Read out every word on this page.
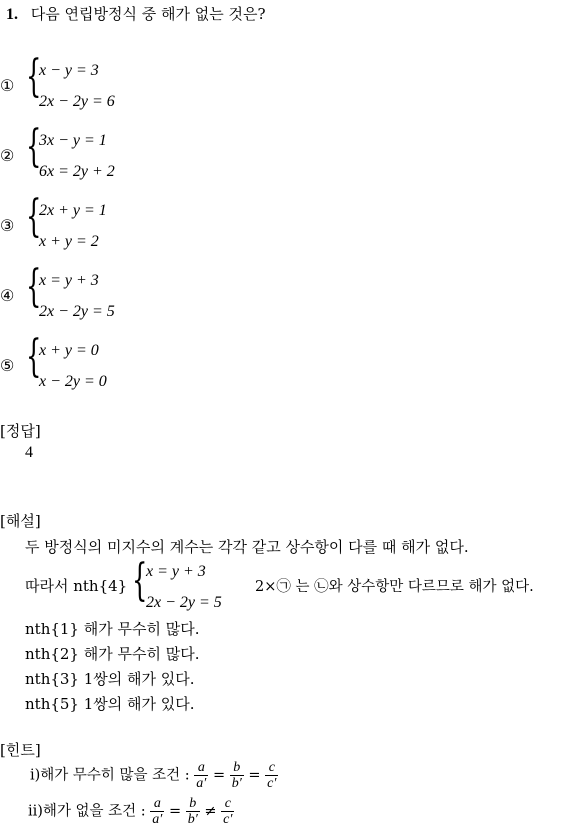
1. 다음 연립방정식 중 해가 없는 것은?
① {
x − y = 3
2x − 2y = 6
② {
3x − y = 1
6x = 2y + 2
③ {
2x + y = 1
x + y = 2
④ {
x = y + 3
2x − 2y = 5
⑤ {
x + y = 0
x − 2y = 0
[정답]
4
[해설]
두 방정식의 미지수의 계수는 각각 같고 상수항이 다를 때 해가 없다.
따라서 nth{4} {
x = y + 3
2x − 2y = 5
2×㉠ 는 ㉡와 상수항만 다르므로 해가 없다.
nth{1} 해가 무수히 많다.
nth{2} 해가 무수히 많다.
nth{3} 1쌍의 해가 있다.
nth{5} 1쌍의 해가 있다.
[힌트]
ⅰ)해가 무수히 많을 조건 : $\frac{a}{a'} = \frac{b}{b'} = \frac{c}{c'}$
ⅱ)해가 없을 조건 : $\frac{a}{a'} = \frac{b}{b'} \ne \frac{c}{c'}$
